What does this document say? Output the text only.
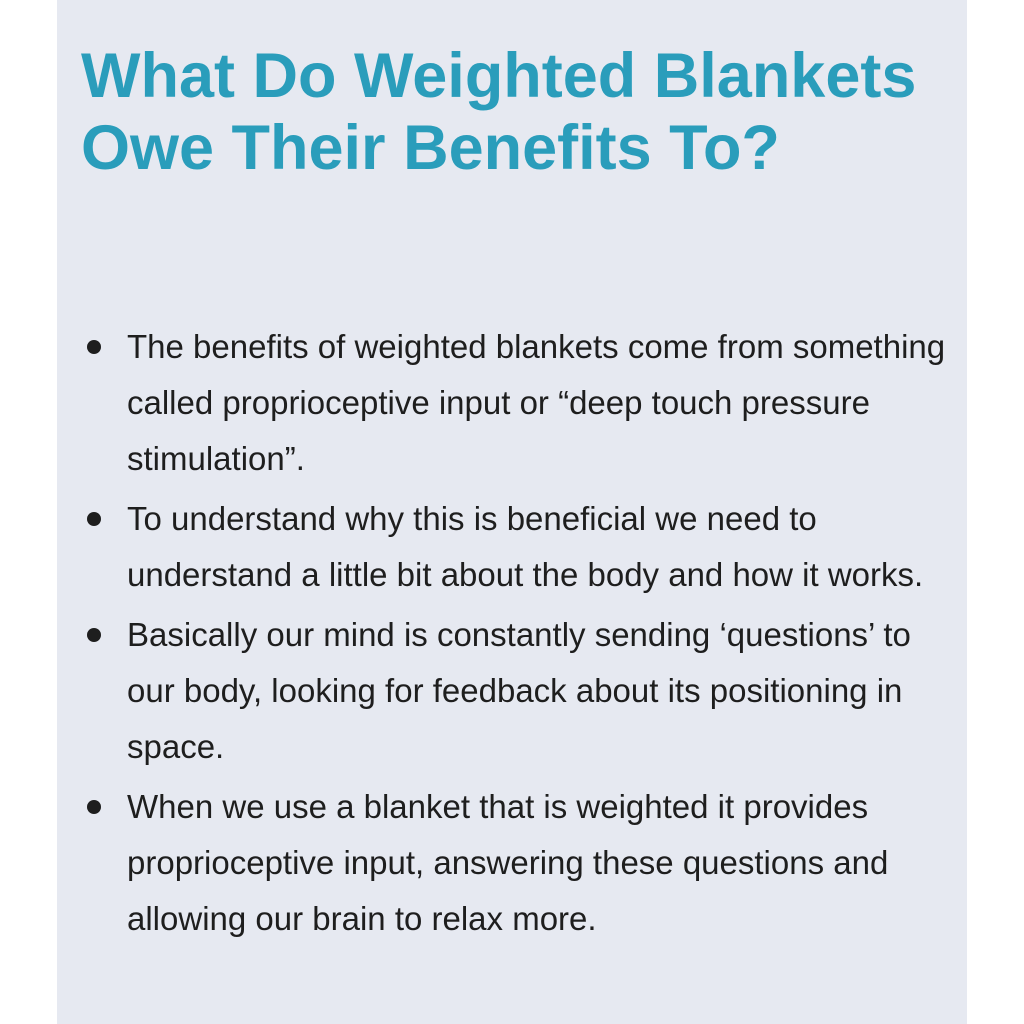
What Do Weighted Blankets Owe Their Benefits To?
The benefits of weighted blankets come from something called proprioceptive input or “deep touch pressure stimulation”.
To understand why this is beneficial we need to understand a little bit about the body and how it works.
Basically our mind is constantly sending ‘questions’ to our body, looking for feedback about its positioning in space.
When we use a blanket that is weighted it provides proprioceptive input, answering these questions and allowing our brain to relax more.
